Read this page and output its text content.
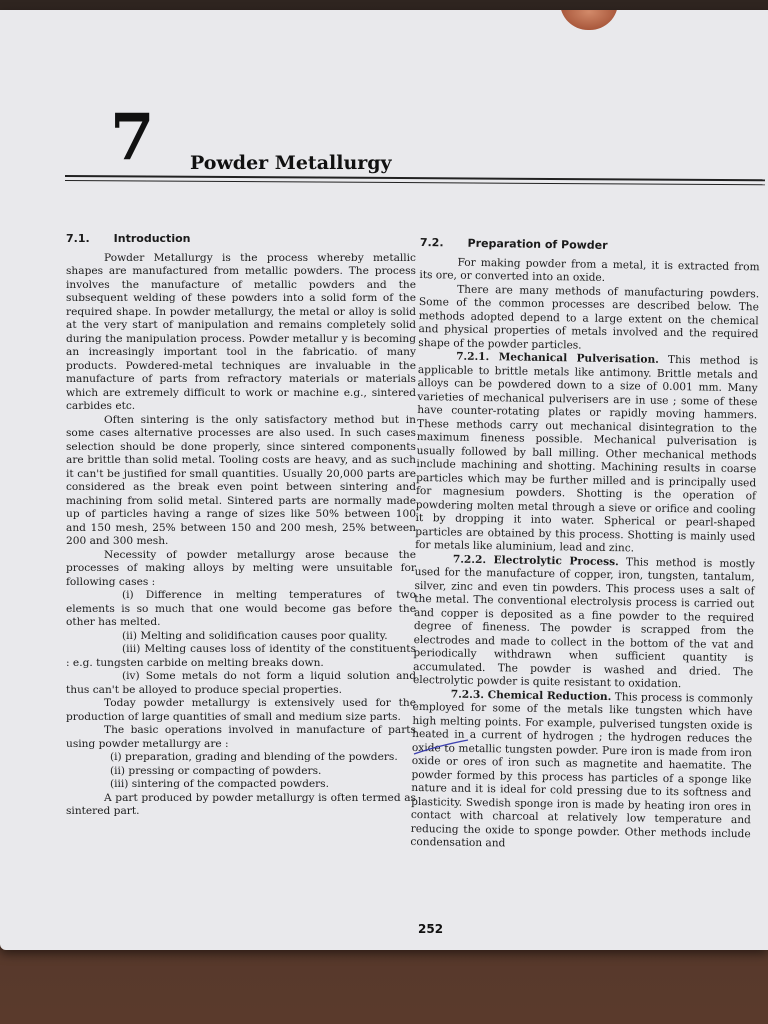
7 Powder Metallurgy
7.1. Introduction

Powder Metallurgy is the process whereby metallic shapes are manufactured from metallic powders. The process involves the manufacture of metallic powders and the subsequent welding of these powders into a solid form of the required shape. In powder metallurgy, the metal or alloy is solid at the very start of manipulation and remains completely solid during the manipulation process. Powder metallur y is becoming an increasingly important tool in the fabricatio. of many products. Powdered-metal techniques are invaluable in the manufacture of parts from refractory materials or materials which are extremely difficult to work or machine e.g., sintered carbides etc.

Often sintering is the only satisfactory method but in some cases alternative processes are also used. In such cases selection should be done properly, since sintered components are brittle than solid metal. Tooling costs are heavy, and as such it can't be justified for small quantities. Usually 20,000 parts are considered as the break even point between sintering and machining from solid metal. Sintered parts are normally made up of particles having a range of sizes like 50% between 100 and 150 mesh, 25% between 150 and 200 mesh, 25% between 200 and 300 mesh.

Necessity of powder metallurgy arose because the processes of making alloys by melting were unsuitable for following cases :

(i) Difference in melting temperatures of two elements is so much that one would become gas before the other has melted.

(ii) Melting and solidification causes poor quality.

(iii) Melting causes loss of identity of the constituents : e.g. tungsten carbide on melting breaks down.

(iv) Some metals do not form a liquid solution and thus can't be alloyed to produce special properties.

Today powder metallurgy is extensively used for the production of large quantities of small and medium size parts.

The basic operations involved in manufacture of parts using powder metallurgy are :

(i) preparation, grading and blending of the powders.

(ii) pressing or compacting of powders.

(iii) sintering of the compacted powders.

A part produced by powder metallurgy is often termed as sintered part.

7.2. Preparation of Powder

For making powder from a metal, it is extracted from its ore, or converted into an oxide.

There are many methods of manufacturing powders. Some of the common processes are described below. The methods adopted depend to a large extent on the chemical and physical properties of metals involved and the required shape of the powder particles.

7.2.1. Mechanical Pulverisation. This method is applicable to brittle metals like antimony. Brittle metals and alloys can be powdered down to a size of 0.001 mm. Many varieties of mechanical pulverisers are in use ; some of these have counter-rotating plates or rapidly moving hammers. These methods carry out mechanical disintegration to the maximum fineness possible. Mechanical pulverisation is usually followed by ball milling. Other mechanical methods include machining and shotting. Machining results in coarse particles which may be further milled and is principally used for magnesium powders. Shotting is the operation of powdering molten metal through a sieve or orifice and cooling it by dropping it into water. Spherical or pearl-shaped particles are obtained by this process. Shotting is mainly used for metals like aluminium, lead and zinc.

7.2.2. Electrolytic Process. This method is mostly used for the manufacture of copper, iron, tungsten, tantalum, silver, zinc and even tin powders. This process uses a salt of the metal. The conventional electrolysis process is carried out and copper is deposited as a fine powder to the required degree of fineness. The powder is scrapped from the electrodes and made to collect in the bottom of the vat and periodically withdrawn when sufficient quantity is accumulated. The powder is washed and dried. The electrolytic powder is quite resistant to oxidation.

7.2.3. Chemical Reduction. This process is commonly employed for some of the metals like tungsten which have high melting points. For example, pulverised tungsten oxide is heated in a current of hydrogen ; the hydrogen reduces the oxide to metallic tungsten powder. Pure iron is made from iron oxide or ores of iron such as magnetite and haematite. The powder formed by this process has particles of a sponge like nature and it is ideal for cold pressing due to its softness and plasticity. Swedish sponge iron is made by heating iron ores in contact with charcoal at relatively low temperature and reducing the oxide to sponge powder. Other methods include condensation and

252
